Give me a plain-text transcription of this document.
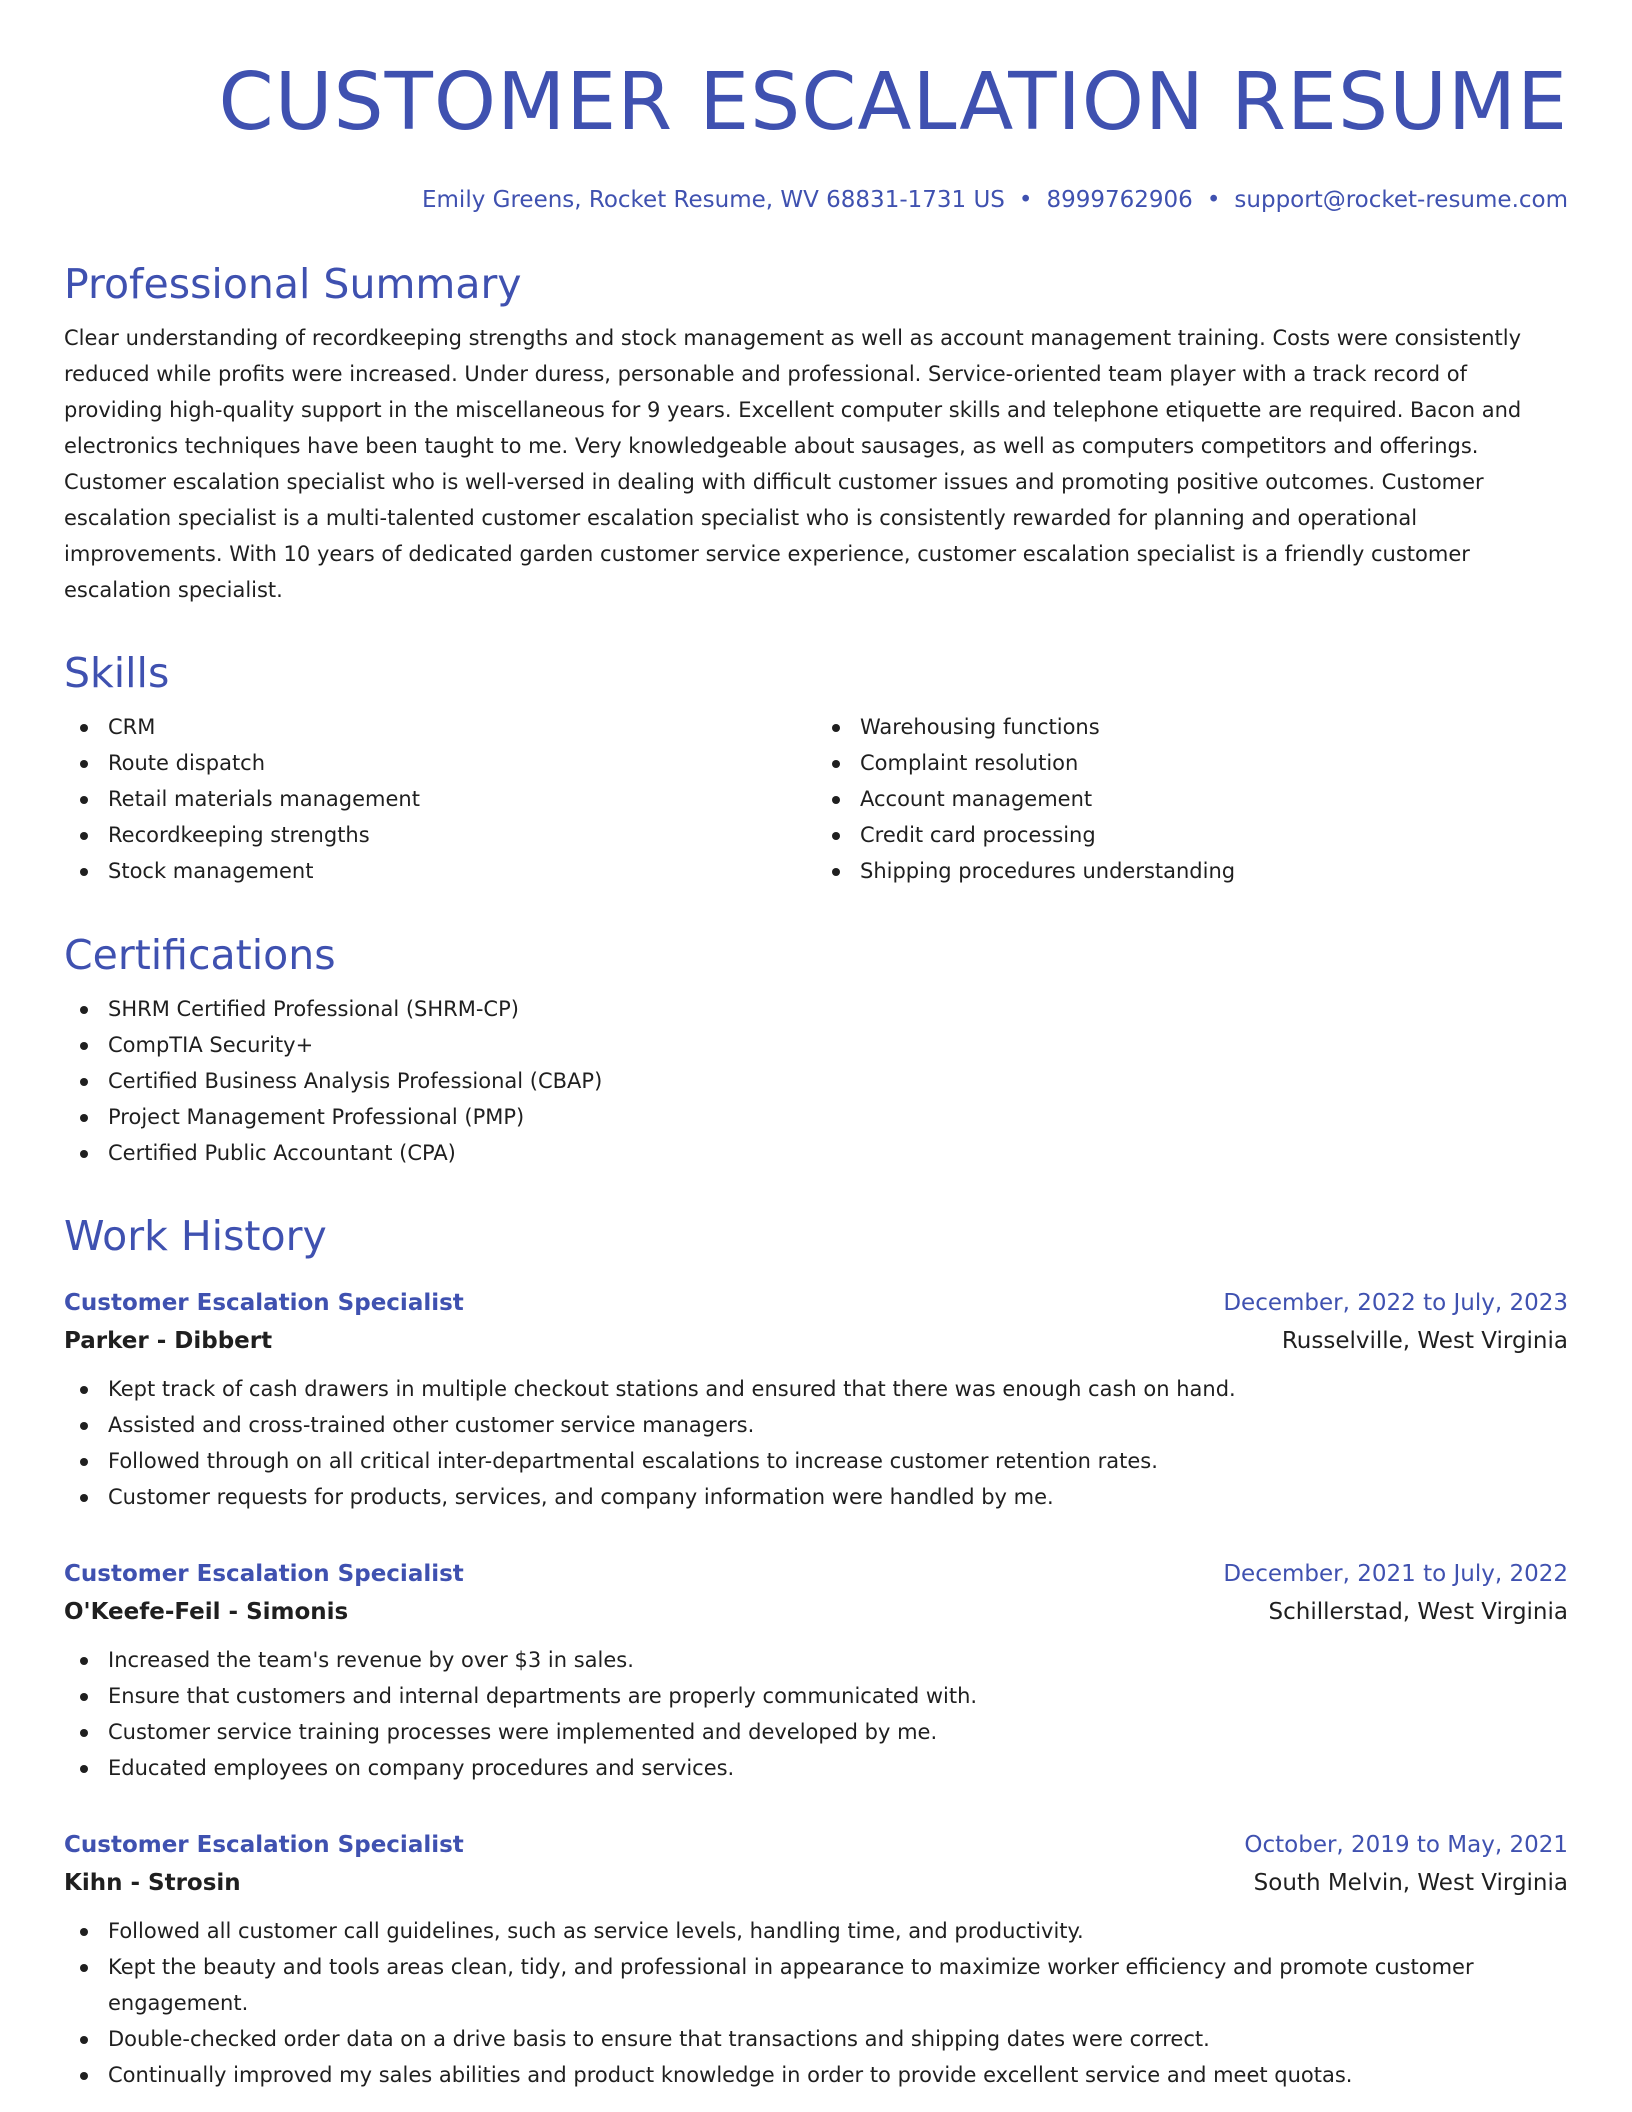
CUSTOMER ESCALATION RESUME
Emily Greens, Rocket Resume, WV 68831-1731 US • 8999762906 • support@rocket-resume.com
Professional Summary

Clear understanding of recordkeeping strengths and stock management as well as account management training. Costs were consistently reduced while profits were increased. Under duress, personable and professional. Service-oriented team player with a track record of providing high-quality support in the miscellaneous for 9 years. Excellent computer skills and telephone etiquette are required. Bacon and electronics techniques have been taught to me. Very knowledgeable about sausages, as well as computers competitors and offerings. Customer escalation specialist who is well-versed in dealing with difficult customer issues and promoting positive outcomes. Customer escalation specialist is a multi-talented customer escalation specialist who is consistently rewarded for planning and operational improvements. With 10 years of dedicated garden customer service experience, customer escalation specialist is a friendly customer escalation specialist.

Skills
CRM
Route dispatch
Retail materials management
Recordkeeping strengths
Stock management
Warehousing functions
Complaint resolution
Account management
Credit card processing
Shipping procedures understanding
Certifications
SHRM Certified Professional (SHRM-CP)
CompTIA Security+
Certified Business Analysis Professional (CBAP)
Project Management Professional (PMP)
Certified Public Accountant (CPA)
Work History
Customer Escalation Specialist	December, 2022 to July, 2023
Parker - Dibbert	Russelville, West Virginia
Kept track of cash drawers in multiple checkout stations and ensured that there was enough cash on hand.
Assisted and cross-trained other customer service managers.
Followed through on all critical inter-departmental escalations to increase customer retention rates.
Customer requests for products, services, and company information were handled by me.
Customer Escalation Specialist	December, 2021 to July, 2022
O'Keefe-Feil - Simonis	Schillerstad, West Virginia
Increased the team's revenue by over $3 in sales.
Ensure that customers and internal departments are properly communicated with.
Customer service training processes were implemented and developed by me.
Educated employees on company procedures and services.
Customer Escalation Specialist	October, 2019 to May, 2021
Kihn - Strosin	South Melvin, West Virginia
Followed all customer call guidelines, such as service levels, handling time, and productivity.
Kept the beauty and tools areas clean, tidy, and professional in appearance to maximize worker efficiency and promote customer engagement.
Double-checked order data on a drive basis to ensure that transactions and shipping dates were correct.
Continually improved my sales abilities and product knowledge in order to provide excellent service and meet quotas.
